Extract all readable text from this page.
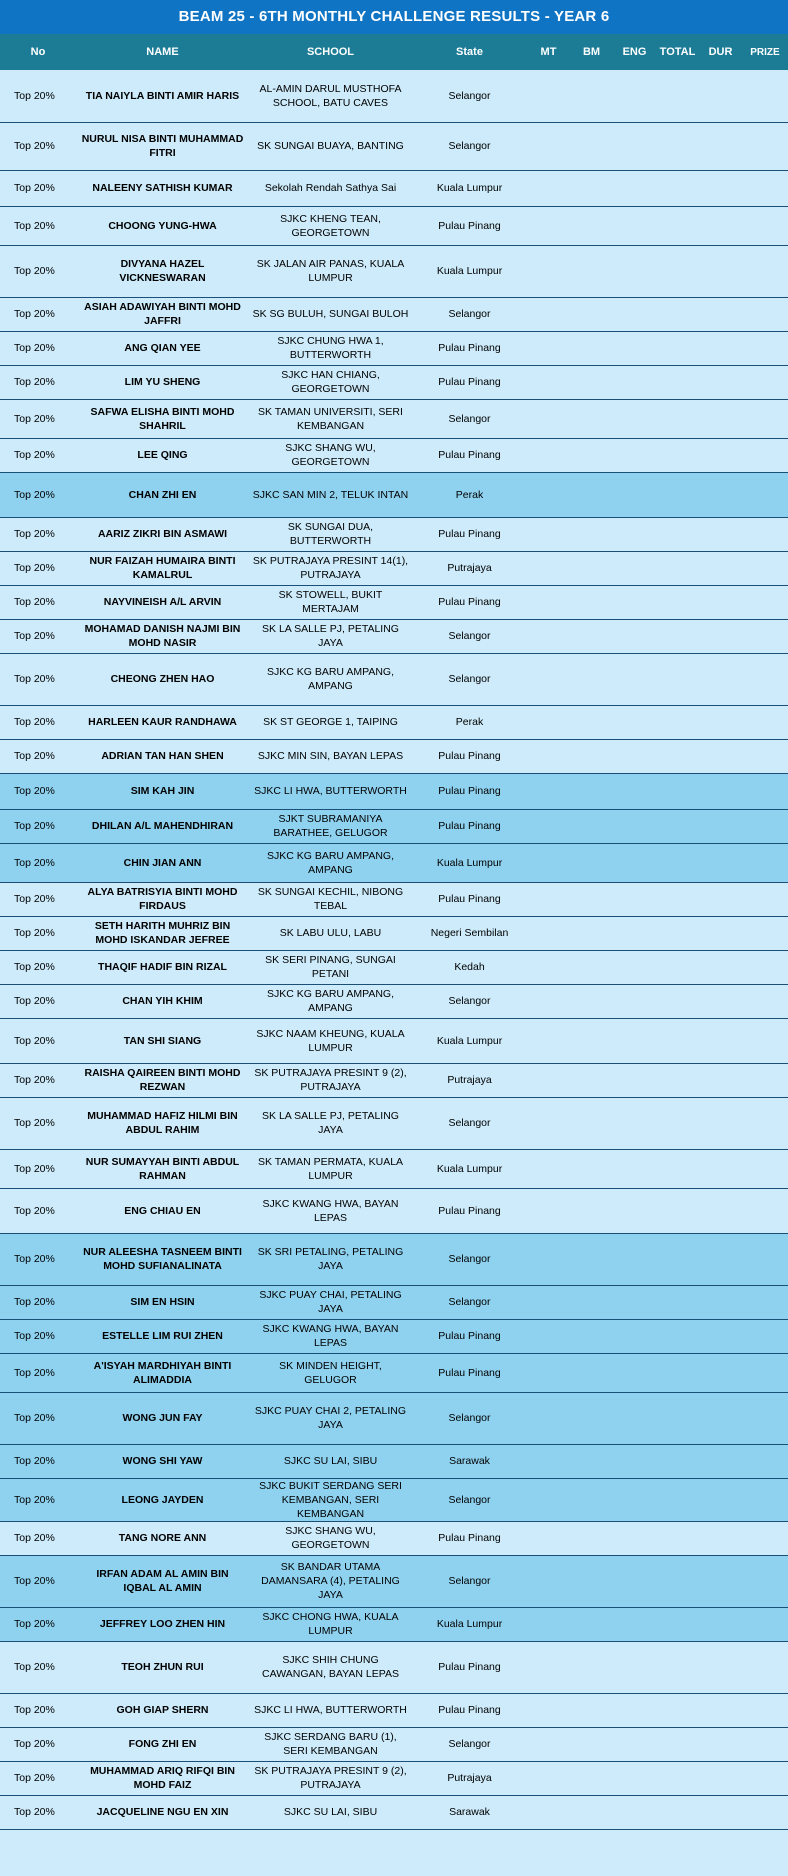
BEAM 25 - 6TH MONTHLY CHALLENGE RESULTS - YEAR 6
No	NAME	SCHOOL	State	MT	BM	ENG	TOTAL	DUR	PRIZE
Top 20%	TIA NAIYLA BINTI AMIR HARIS	AL-AMIN DARUL MUSTHOFA SCHOOL, BATU CAVES	Selangor						
Top 20%	NURUL NISA BINTI MUHAMMAD FITRI	SK SUNGAI BUAYA, BANTING	Selangor						
Top 20%	NALEENY SATHISH KUMAR	Sekolah Rendah Sathya Sai	Kuala Lumpur						
Top 20%	CHOONG YUNG-HWA	SJKC KHENG TEAN, GEORGETOWN	Pulau Pinang						
Top 20%	DIVYANA HAZEL VICKNESWARAN	SK JALAN AIR PANAS, KUALA LUMPUR	Kuala Lumpur						
Top 20%	ASIAH ADAWIYAH BINTI MOHD JAFFRI	SK SG BULUH, SUNGAI BULOH	Selangor						
Top 20%	ANG QIAN YEE	SJKC CHUNG HWA 1, BUTTERWORTH	Pulau Pinang						
Top 20%	LIM YU SHENG	SJKC HAN CHIANG, GEORGETOWN	Pulau Pinang						
Top 20%	SAFWA ELISHA BINTI MOHD SHAHRIL	SK TAMAN UNIVERSITI, SERI KEMBANGAN	Selangor						
Top 20%	LEE QING	SJKC SHANG WU, GEORGETOWN	Pulau Pinang						
Top 20%	CHAN ZHI EN	SJKC SAN MIN 2, TELUK INTAN	Perak						
Top 20%	AARIZ ZIKRI BIN ASMAWI	SK SUNGAI DUA, BUTTERWORTH	Pulau Pinang						
Top 20%	NUR FAIZAH HUMAIRA BINTI KAMALRUL	SK PUTRAJAYA PRESINT 14(1), PUTRAJAYA	Putrajaya						
Top 20%	NAYVINEISH A/L ARVIN	SK STOWELL, BUKIT MERTAJAM	Pulau Pinang						
Top 20%	MOHAMAD DANISH NAJMI BIN MOHD NASIR	SK LA SALLE PJ, PETALING JAYA	Selangor						
Top 20%	CHEONG ZHEN HAO	SJKC KG BARU AMPANG, AMPANG	Selangor						
Top 20%	HARLEEN KAUR RANDHAWA	SK ST GEORGE 1, TAIPING	Perak						
Top 20%	ADRIAN TAN HAN SHEN	SJKC MIN SIN, BAYAN LEPAS	Pulau Pinang						
Top 20%	SIM KAH JIN	SJKC LI HWA, BUTTERWORTH	Pulau Pinang						
Top 20%	DHILAN A/L MAHENDHIRAN	SJKT SUBRAMANIYA BARATHEE, GELUGOR	Pulau Pinang						
Top 20%	CHIN JIAN ANN	SJKC KG BARU AMPANG, AMPANG	Kuala Lumpur						
Top 20%	ALYA BATRISYIA BINTI MOHD FIRDAUS	SK SUNGAI KECHIL, NIBONG TEBAL	Pulau Pinang						
Top 20%	SETH HARITH MUHRIZ BIN MOHD ISKANDAR JEFREE	SK LABU ULU, LABU	Negeri Sembilan						
Top 20%	THAQIF HADIF BIN RIZAL	SK SERI PINANG, SUNGAI PETANI	Kedah						
Top 20%	CHAN YIH KHIM	SJKC KG BARU AMPANG, AMPANG	Selangor						
Top 20%	TAN SHI SIANG	SJKC NAAM KHEUNG, KUALA LUMPUR	Kuala Lumpur						
Top 20%	RAISHA QAIREEN BINTI MOHD REZWAN	SK PUTRAJAYA PRESINT 9 (2), PUTRAJAYA	Putrajaya						
Top 20%	MUHAMMAD HAFIZ HILMI BIN ABDUL RAHIM	SK LA SALLE PJ, PETALING JAYA	Selangor						
Top 20%	NUR SUMAYYAH BINTI ABDUL RAHMAN	SK TAMAN PERMATA, KUALA LUMPUR	Kuala Lumpur						
Top 20%	ENG CHIAU EN	SJKC KWANG HWA, BAYAN LEPAS	Pulau Pinang						
Top 20%	NUR ALEESHA TASNEEM BINTI MOHD SUFIANALINATA	SK SRI PETALING, PETALING JAYA	Selangor						
Top 20%	SIM EN HSIN	SJKC PUAY CHAI, PETALING JAYA	Selangor						
Top 20%	ESTELLE LIM RUI ZHEN	SJKC KWANG HWA, BAYAN LEPAS	Pulau Pinang						
Top 20%	A'ISYAH MARDHIYAH BINTI ALIMADDIA	SK MINDEN HEIGHT, GELUGOR	Pulau Pinang						
Top 20%	WONG JUN FAY	SJKC PUAY CHAI 2, PETALING JAYA	Selangor						
Top 20%	WONG SHI YAW	SJKC SU LAI, SIBU	Sarawak						
Top 20%	LEONG JAYDEN	SJKC BUKIT SERDANG SERI KEMBANGAN, SERI KEMBANGAN	Selangor						
Top 20%	TANG NORE ANN	SJKC SHANG WU, GEORGETOWN	Pulau Pinang						
Top 20%	IRFAN ADAM AL AMIN BIN IQBAL AL AMIN	SK BANDAR UTAMA DAMANSARA (4), PETALING JAYA	Selangor						
Top 20%	JEFFREY LOO ZHEN HIN	SJKC CHONG HWA, KUALA LUMPUR	Kuala Lumpur						
Top 20%	TEOH ZHUN RUI	SJKC SHIH CHUNG CAWANGAN, BAYAN LEPAS	Pulau Pinang						
Top 20%	GOH GIAP SHERN	SJKC LI HWA, BUTTERWORTH	Pulau Pinang						
Top 20%	FONG ZHI EN	SJKC SERDANG BARU (1), SERI KEMBANGAN	Selangor						
Top 20%	MUHAMMAD ARIQ RIFQI BIN MOHD FAIZ	SK PUTRAJAYA PRESINT 9 (2), PUTRAJAYA	Putrajaya						
Top 20%	JACQUELINE NGU EN XIN	SJKC SU LAI, SIBU	Sarawak						
